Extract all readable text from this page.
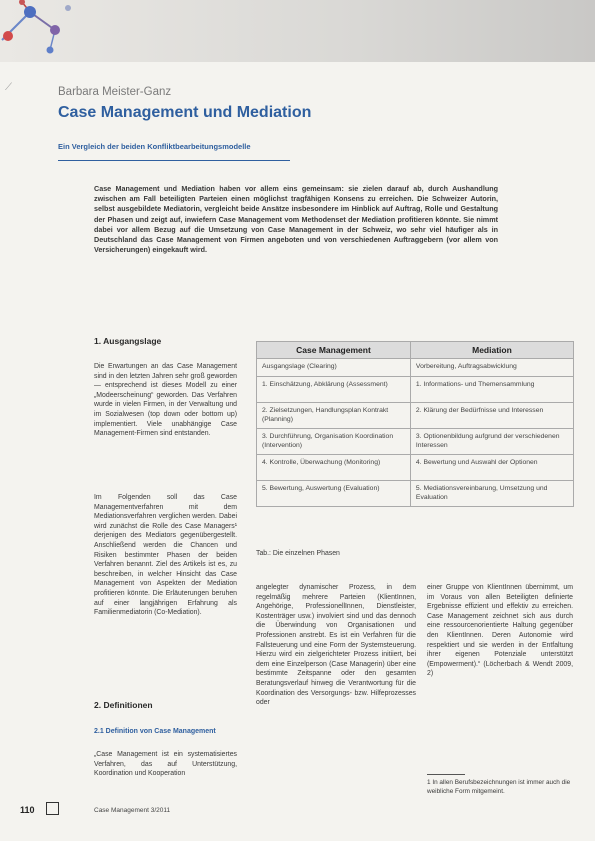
⟋	Barbara Meister-Ganz
Case Management und Mediation
Ein Vergleich der beiden Konfliktbearbeitungsmodelle
Case Management und Mediation haben vor allem eins gemeinsam: sie zielen darauf ab, durch Aushandlung zwischen am Fall beteiligten Parteien einen möglichst tragfähigen Konsens zu erreichen. Die Schweizer Autorin, selbst ausgebildete Mediatorin, vergleicht beide Ansätze insbesondere im Hinblick auf Auftrag, Rolle und Gestaltung der Phasen und zeigt auf, inwiefern Case Management vom Methodenset der Mediation profitieren könnte. Sie nimmt dabei vor allem Bezug auf die Umsetzung von Case Management in der Schweiz, wo sehr viel häufiger als in Deutschland das Case Management von Firmen angeboten und von verschiedenen Auftraggebern (vor allem von Versicherungen) eingekauft wird.
1. Ausgangslage
Die Erwartungen an das Case Management sind in den letzten Jahren sehr groß geworden — entsprechend ist dieses Modell zu einer „Modeerscheinung“ geworden. Das Verfahren wurde in vielen Firmen, in der Verwaltung und im Sozialwesen (top down oder bottom up) implementiert. Viele unabhängige Case Management-Firmen sind entstanden.
Im Folgenden soll das Case Managementverfahren mit dem Mediationsverfahren verglichen werden. Dabei wird zunächst die Rolle des Case Managers¹ derjenigen des Mediators gegenübergestellt. Anschließend werden die Chancen und Risiken bestimmter Phasen der beiden Verfahren benannt. Ziel des Artikels ist es, zu beschreiben, in welcher Hinsicht das Case Management von Aspekten der Mediation profitieren könnte. Die Erläuterungen beruhen auf einer langjährigen Erfahrung als Familienmediatorin (Co-Mediation).
2. Definitionen
2.1 Definition von Case Management
„Case Management ist ein systematisiertes Verfahren, das auf Unterstützung, Koordination und Kooperation
Case Management	Mediation
Ausgangslage (Clearing)	Vorbereitung, Auftragsabwicklung
1. Einschätzung, Abklärung (Assessment)	1. Informations- und Themensammlung
2. Zielsetzungen, Handlungsplan Kontrakt (Planning)	2. Klärung der Bedürfnisse und Interessen
3. Durchführung, Organisation Koordination (Intervention)	3. Optionenbildung aufgrund der verschiedenen Interessen
4. Kontrolle, Überwachung (Monitoring)	4. Bewertung und Auswahl der Optionen
5. Bewertung, Auswertung (Evaluation)	5. Mediationsvereinbarung, Umsetzung und Evaluation
Tab.: Die einzelnen Phasen
angelegter dynamischer Prozess, in dem regelmäßig mehrere Parteien (KlientInnen, Angehörige, ProfessionellInnen, Dienstleister, Kostenträger usw.) involviert sind und das dennoch die Überwindung von Organisationen und Professionen anstrebt. Es ist ein Verfahren für die Fallsteuerung und eine Form der Systemsteuerung. Hierzu wird ein zielgerichteter Prozess initiiert, bei dem eine Einzelperson (Case Managerin) über eine bestimmte Zeitspanne oder den gesamten Beratungsverlauf hinweg die Verantwortung für die Koordination des Versorgungs- bzw. Hilfeprozesses oder
einer Gruppe von KlientInnen übernimmt, um im Voraus von allen Beteiligten definierte Ergebnisse effizient und effektiv zu erreichen. Case Management zeichnet sich aus durch eine ressourcenorientierte Haltung gegenüber den KlientInnen. Deren Autonomie wird respektiert und sie werden in der Entfaltung ihrer eigenen Potenziale unterstützt (Empowerment).“ (Löcherbach & Wendt 2009, 2)
1 In allen Berufsbezeichnungen ist immer auch die weibliche Form mitgemeint.
110	Case Management 3/2011
